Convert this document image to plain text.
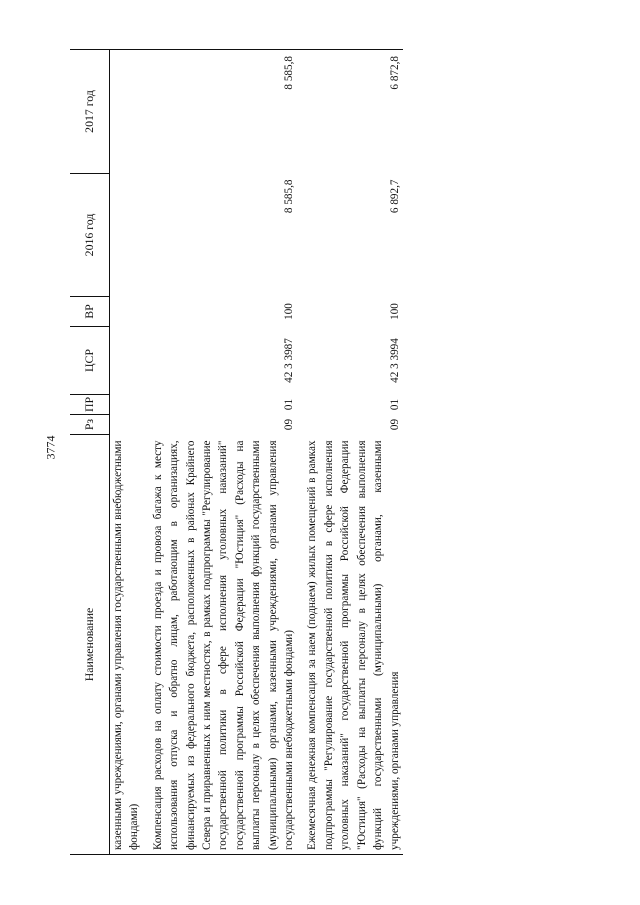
3774
Наименование	Рз	ПР	ЦСР	ВР	2016 год	2017 год
казенными учреждениями, органами управления государственными внебюджетными фондами)						
Компенсация расходов на оплату стоимости проезда и провоза багажа к месту использования отпуска и обратно лицам, работающим в организациях, финансируемых из федерального бюджета, расположенных в районах Крайнего Севера и приравненных к ним местностях, в рамках подпрограммы "Регулирование государственной политики в сфере исполнения уголовных наказаний" государственной программы Российской Федерации "Юстиция" (Расходы на выплаты персоналу в целях обеспечения выполнения функций государственными (муниципальными) органами, казенными учреждениями, органами управления государственными внебюджетными фондами)	09	01	42 3 3987	100	8 585,8	8 585,8
Ежемесячная денежная компенсация за наем (поднаем) жилых помещений в рамках подпрограммы "Регулирование государственной политики в сфере исполнения уголовных наказаний" государственной программы Российской Федерации "Юстиция" (Расходы на выплаты персоналу в целях обеспечения выполнения функций государственными (муниципальными) органами, казенными учреждениями, органами управления	09	01	42 3 3994	100	6 892,7	6 872,8
